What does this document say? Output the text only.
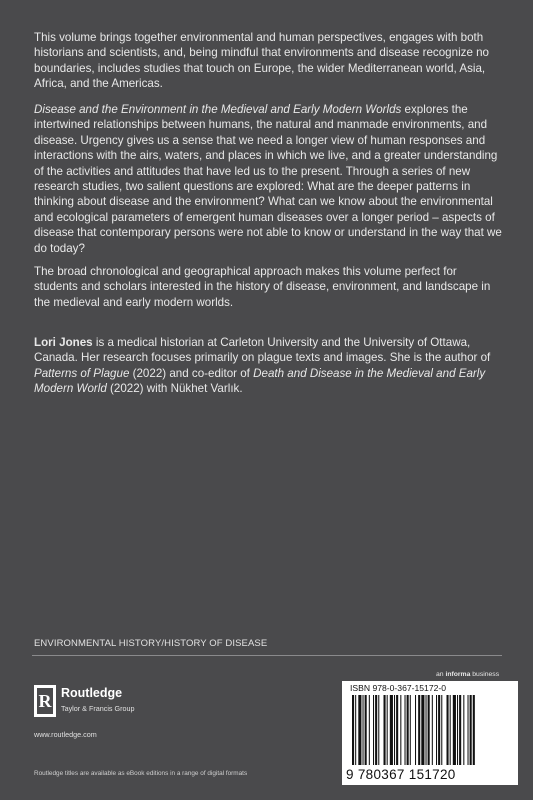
This volume brings together environmental and human perspectives, engages with both historians and scientists, and, being mindful that environments and disease recognize no boundaries, includes studies that touch on Europe, the wider Mediterranean world, Asia, Africa, and the Americas.

Disease and the Environment in the Medieval and Early Modern Worlds explores the intertwined relationships between humans, the natural and manmade environments, and disease. Urgency gives us a sense that we need a longer view of human responses and interactions with the airs, waters, and places in which we live, and a greater understanding of the activities and attitudes that have led us to the present. Through a series of new research studies, two salient questions are explored: What are the deeper patterns in thinking about disease and the environment? What can we know about the environmental and ecological parameters of emergent human diseases over a longer period – aspects of disease that contemporary persons were not able to know or understand in the way that we do today?

The broad chronological and geographical approach makes this volume perfect for students and scholars interested in the history of disease, environment, and landscape in the medieval and early modern worlds.

Lori Jones is a medical historian at Carleton University and the University of Ottawa, Canada. Her research focuses primarily on plague texts and images. She is the author of Patterns of Plague (2022) and co-editor of Death and Disease in the Medieval and Early Modern World (2022) with Nükhet Varlık.

ENVIRONMENTAL HISTORY/HISTORY OF DISEASE
R Routledge
Taylor & Francis Group
www.routledge.com
an informa business
ISBN 978-0-367-15172-0
9 780367 151720
Routledge titles are available as eBook editions in a range of digital formats
